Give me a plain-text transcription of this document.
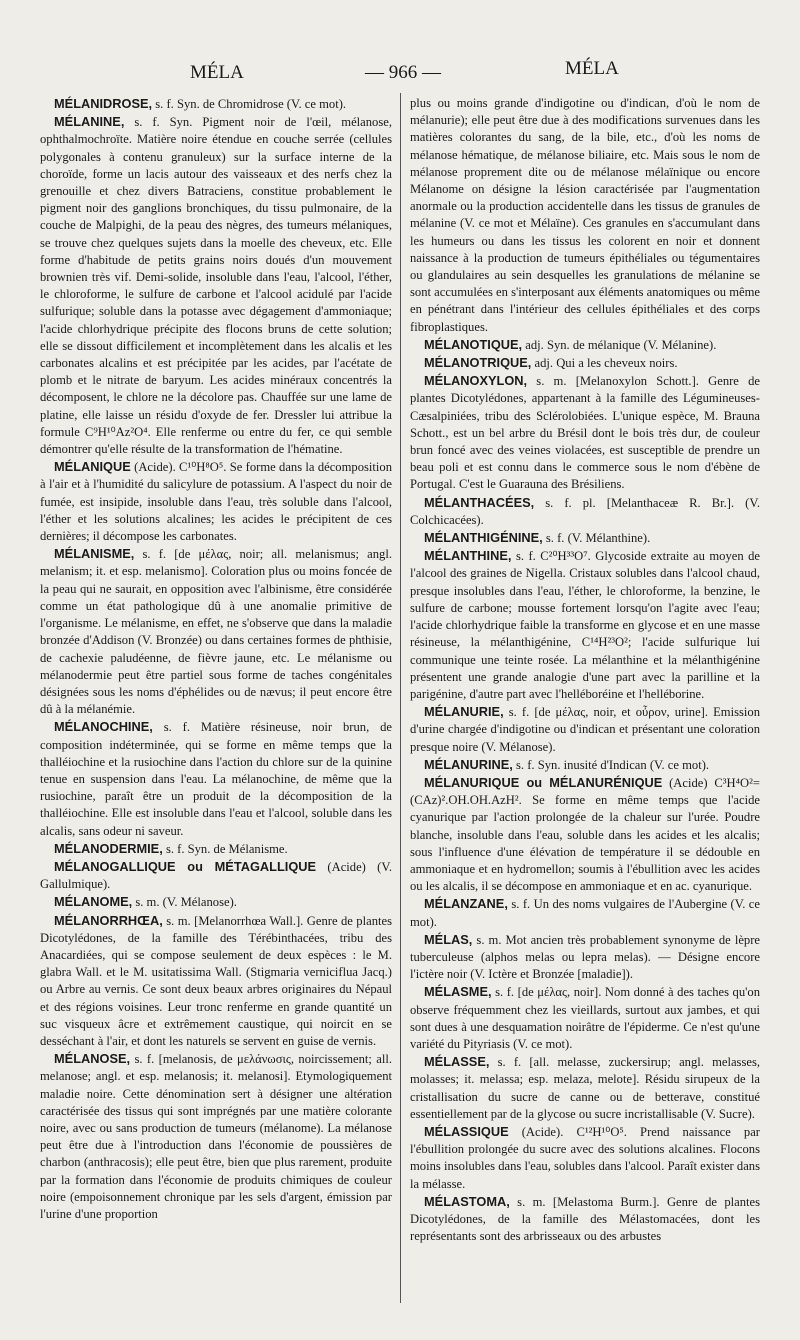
MÉLA	— 966 —	MÉLA

MÉLANIDROSE, s. f. Syn. de Chromidrose (V. ce mot).

MÉLANINE, s. f. Syn. Pigment noir de l'œil, mélanose, ophthalmochroïte. Matière noire étendue en couche serrée (cellules polygonales à contenu granuleux) sur la surface interne de la choroïde, forme un lacis autour des vaisseaux et des nerfs chez la grenouille et chez divers Batraciens, constitue probablement le pigment noir des ganglions bronchiques, du tissu pulmonaire, de la couche de Malpighi, de la peau des nègres, des tumeurs mélaniques, se trouve chez quelques sujets dans la moelle des cheveux, etc. Elle forme d'habitude de petits grains noirs doués d'un mouvement brownien très vif. Demi-solide, insoluble dans l'eau, l'alcool, l'éther, le chloroforme, le sulfure de carbone et l'alcool acidulé par l'acide sulfurique; soluble dans la potasse avec dégagement d'ammoniaque; l'acide chlorhydrique précipite des flocons bruns de cette solution; elle se dissout difficilement et incomplètement dans les alcalis et les carbonates alcalins et est précipitée par les acides, par l'acétate de plomb et le nitrate de baryum. Les acides minéraux concentrés la décomposent, le chlore ne la décolore pas. Chauffée sur une lame de platine, elle laisse un résidu d'oxyde de fer. Dressler lui attribue la formule C⁹H¹⁰Az²O⁴. Elle renferme ou entre du fer, ce qui semble démontrer qu'elle résulte de la transformation de l'hématine.

MÉLANIQUE (Acide). C¹⁰H⁸O⁵. Se forme dans la décomposition à l'air et à l'humidité du salicylure de potassium. A l'aspect du noir de fumée, est insipide, insoluble dans l'eau, très soluble dans l'alcool, l'éther et les solutions alcalines; les acides le précipitent de ces dernières; il décompose les carbonates.

MÉLANISME, s. f. [de μέλας, noir; all. melanismus; angl. melanism; it. et esp. melanismo]. Coloration plus ou moins foncée de la peau qui ne saurait, en opposition avec l'albinisme, être considérée comme un état pathologique dû à une anomalie primitive de l'organisme. Le mélanisme, en effet, ne s'observe que dans la maladie bronzée d'Addison (V. Bronzée) ou dans certaines formes de phthisie, de cachexie paludéenne, de fièvre jaune, etc. Le mélanisme ou mélanodermie peut être partiel sous forme de taches congénitales désignées sous les noms d'éphélides ou de nævus; il peut encore être dû à la mélanémie.

MÉLANOCHINE, s. f. Matière résineuse, noir brun, de composition indéterminée, qui se forme en même temps que la thalléiochine et la rusiochine dans l'action du chlore sur de la quinine tenue en suspension dans l'eau. La mélanochine, de même que la rusiochine, paraît être un produit de la décomposition de la thalléiochine. Elle est insoluble dans l'eau et l'alcool, soluble dans les alcalis, sans odeur ni saveur.

MÉLANODERMIE, s. f. Syn. de Mélanisme.

MÉLANOGALLIQUE ou MÉTAGALLIQUE (Acide) (V. Gallulmique).

MÉLANOME, s. m. (V. Mélanose).

MÉLANORRHŒA, s. m. [Melanorrhœa Wall.]. Genre de plantes Dicotylédones, de la famille des Térébinthacées, tribu des Anacardiées, qui se compose seulement de deux espèces : le M. glabra Wall. et le M. usitatissima Wall. (Stigmaria verniciflua Jacq.) ou Arbre au vernis. Ce sont deux beaux arbres originaires du Népaul et des régions voisines. Leur tronc renferme en grande quantité un suc visqueux âcre et extrêmement caustique, qui noircit en se desséchant à l'air, et dont les naturels se servent en guise de vernis.

MÉLANOSE, s. f. [melanosis, de μελάνωσις, noircissement; all. melanose; angl. et esp. melanosis; it. melanosi]. Etymologiquement maladie noire. Cette dénomination sert à désigner une altération caractérisée des tissus qui sont imprégnés par une matière colorante noire, avec ou sans production de tumeurs (mélanome). La mélanose peut être due à l'introduction dans l'économie de poussières de charbon (anthracosis); elle peut être, bien que plus rarement, produite par la formation dans l'économie de produits chimiques de couleur noire (empoisonnement chronique par les sels d'argent, émission par l'urine d'une proportion

plus ou moins grande d'indigotine ou d'indican, d'où le nom de mélanurie); elle peut être due à des modifications survenues dans les matières colorantes du sang, de la bile, etc., d'où les noms de mélanose hématique, de mélanose biliaire, etc. Mais sous le nom de mélanose proprement dite ou de mélanose mélaïnique ou encore Mélanome on désigne la lésion caractérisée par l'augmentation anormale ou la production accidentelle dans les tissus de granules de mélanine (V. ce mot et Mélaïne). Ces granules en s'accumulant dans les humeurs ou dans les tissus les colorent en noir et donnent naissance à la production de tumeurs épithéliales ou tégumentaires ou glandulaires au sein desquelles les granulations de mélanine se sont accumulées en s'interposant aux éléments anatomiques ou même en pénétrant dans l'intérieur des cellules épithéliales et des corps fibroplastiques.

MÉLANOTIQUE, adj. Syn. de mélanique (V. Mélanine).

MÉLANOTRIQUE, adj. Qui a les cheveux noirs.

MÉLANOXYLON, s. m. [Melanoxylon Schott.]. Genre de plantes Dicotylédones, appartenant à la famille des Légumineuses-Cæsalpiniées, tribu des Sclérolobiées. L'unique espèce, M. Brauna Schott., est un bel arbre du Brésil dont le bois très dur, de couleur brun foncé avec des veines violacées, est susceptible de prendre un beau poli et est connu dans le commerce sous le nom d'ébène de Portugal. C'est le Guarauna des Brésiliens.

MÉLANTHACÉES, s. f. pl. [Melanthaceæ R. Br.]. (V. Colchicacées).

MÉLANTHIGÉNINE, s. f. (V. Mélanthine).

MÉLANTHINE, s. f. C²⁰H³³O⁷. Glycoside extraite au moyen de l'alcool des graines de Nigella. Cristaux solubles dans l'alcool chaud, presque insolubles dans l'eau, l'éther, le chloroforme, la benzine, le sulfure de carbone; mousse fortement lorsqu'on l'agite avec l'eau; l'acide chlorhydrique faible la transforme en glycose et en une masse résineuse, la mélanthigénine, C¹⁴H²³O²; l'acide sulfurique lui communique une teinte rosée. La mélanthine et la mélanthigénine présentent une grande analogie d'une part avec la parilline et la parigénine, d'autre part avec l'helléboréine et l'helléborine.

MÉLANURIE, s. f. [de μέλας, noir, et οὖρον, urine]. Emission d'urine chargée d'indigotine ou d'indican et présentant une coloration presque noire (V. Mélanose).

MÉLANURINE, s. f. Syn. inusité d'Indican (V. ce mot).

MÉLANURIQUE ou MÉLANURÉNIQUE (Acide) C³H⁴O²=(CAz)².OH.OH.AzH². Se forme en même temps que l'acide cyanurique par l'action prolongée de la chaleur sur l'urée. Poudre blanche, insoluble dans l'eau, soluble dans les acides et les alcalis; sous l'influence d'une élévation de température il se dédouble en ammoniaque et en hydromellon; soumis à l'ébullition avec les acides ou les alcalis, il se décompose en ammoniaque et en ac. cyanurique.

MÉLANZANE, s. f. Un des noms vulgaires de l'Aubergine (V. ce mot).

MÉLAS, s. m. Mot ancien très probablement synonyme de lèpre tuberculeuse (alphos melas ou lepra melas). — Désigne encore l'ictère noir (V. Ictère et Bronzée [maladie]).

MÉLASME, s. f. [de μέλας, noir]. Nom donné à des taches qu'on observe fréquemment chez les vieillards, surtout aux jambes, et qui sont dues à une desquamation noirâtre de l'épiderme. Ce n'est qu'une variété du Pityriasis (V. ce mot).

MÉLASSE, s. f. [all. melasse, zuckersirup; angl. melasses, molasses; it. melassa; esp. melaza, melote]. Résidu sirupeux de la cristallisation du sucre de canne ou de betterave, constitué essentiellement par de la glycose ou sucre incristallisable (V. Sucre).

MÉLASSIQUE (Acide). C¹²H¹⁰O⁵. Prend naissance par l'ébullition prolongée du sucre avec des solutions alcalines. Flocons moins insolubles dans l'eau, solubles dans l'alcool. Paraît exister dans la mélasse.

MÉLASTOMA, s. m. [Melastoma Burm.]. Genre de plantes Dicotylédones, de la famille des Mélastomacées, dont les représentants sont des arbrisseaux ou des arbustes
